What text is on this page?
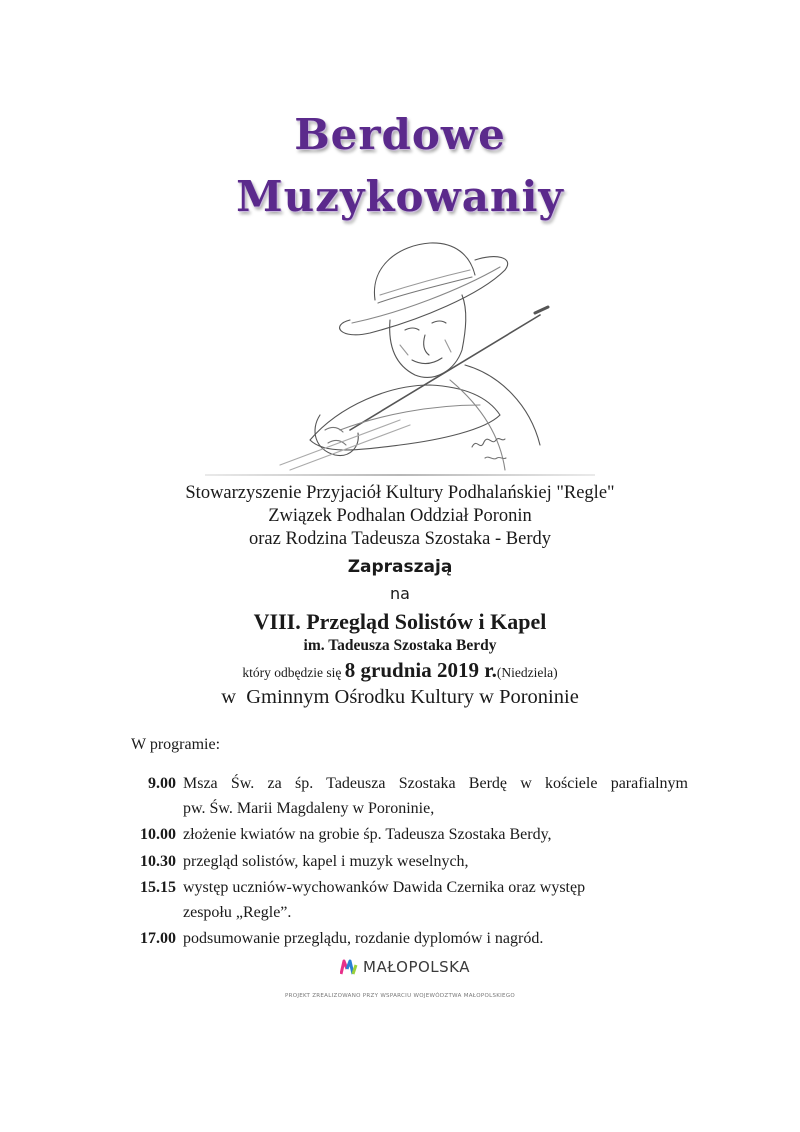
Berdowe
Muzykowaniy
Stowarzyszenie Przyjaciół Kultury Podhalańskiej "Regle"
Związek Podhalan Oddział Poronin
oraz Rodzina Tadeusza Szostaka - Berdy
Zapraszają
na
VIII. Przegląd Solistów i Kapel
im. Tadeusza Szostaka Berdy
który odbędzie się 8 grudnia 2019 r.(Niedziela)
w  Gminnym Ośrodku Kultury w Poroninie
W programie:
9.00 Msza Św. za śp. Tadeusza Szostaka Berdę w kościele parafialnym
pw. Św. Marii Magdaleny w Poroninie,
10.00 złożenie kwiatów na grobie śp. Tadeusza Szostaka Berdy,
10.30 przegląd solistów, kapel i muzyk weselnych,
15.15 występ uczniów-wychowanków Dawida Czernika oraz występ
zespołu „Regle”.
17.00 podsumowanie przeglądu, rozdanie dyplomów i nagród.
MAŁOPOLSKA
PROJEKT ZREALIZOWANO PRZY WSPARCIU WOJEWÓDZTWA MAŁOPOLSKIEGO
